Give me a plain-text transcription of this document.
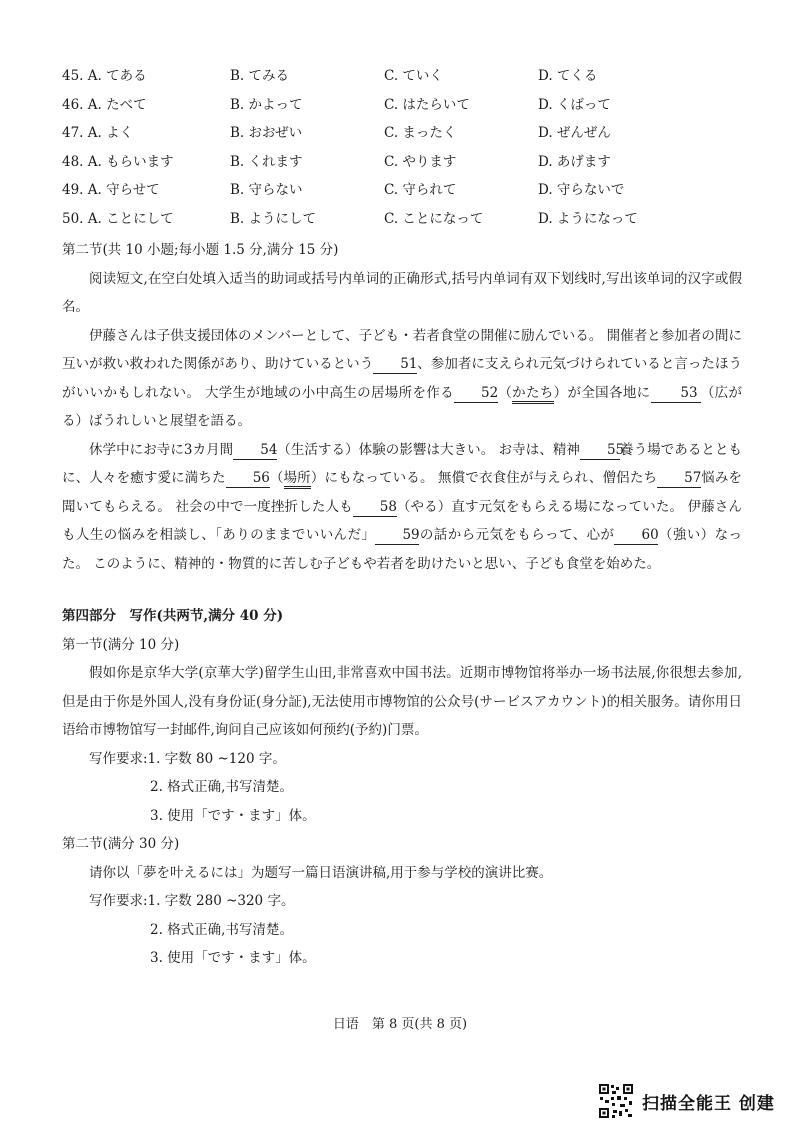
45. A. てある	B. てみる	C. ていく	D. てくる
46. A. たべて	B. かよって	C. はたらいて	D. くばって
47. A. よく	B. おおぜい	C. まったく	D. ぜんぜん
48. A. もらいます	B. くれます	C. やります	D. あげます
49. A. 守らせて	B. 守らない	C. 守られて	D. 守らないで
50. A. ことにして	B. ようにして	C. ことになって	D. ようになって

第二节(共 10 小题;每小题 1.5 分,满分 15 分)

阅读短文,在空白处填入适当的助词或括号内单词的正确形式,括号内单词有双下划线时,写出该单词的汉字或假名。

伊藤さんは子供支援団体のメンバーとして、子ども・若者食堂の開催に励んでいる。 開催者と参加者の間に互いが救い救われた関係があり、助けているという 51、参加者に支えられ元気づけられていると言ったほうがいいかもしれない。 大学生が地域の小中高生の居場所を作る 52（かたち）が全国各地に 53 （広がる）ばうれしいと展望を語る。

休学中にお寺に3カ月間 54（生活する）体験の影響は大きい。 お寺は、精神 55養う場であるとともに、人々を癒す愛に満ちた 56（場所）にもなっている。 無償で衣食住が与えられ、僧侶たち 57悩みを聞いてもらえる。 社会の中で一度挫折した人も 58（やる）直す元気をもらえる場になっていた。 伊藤さんも人生の悩みを相談し、「ありのままでいいんだ」 59の話から元気をもらって、心が 60（強い）なった。 このように、精神的・物質的に苦しむ子どもや若者を助けたいと思い、子ども食堂を始めた。

第四部分　写作(共两节,满分 40 分)

第一节(满分 10 分)

假如你是京华大学(京華大学)留学生山田,非常喜欢中国书法。近期市博物馆将举办一场书法展,你很想去参加,但是由于你是外国人,没有身份证(身分証),无法使用市博物馆的公众号(サービスアカウント)的相关服务。请你用日语给市博物馆写一封邮件,询问自己应该如何预约(予約)门票。

写作要求:1. 字数 80 ~120 字。

2. 格式正确,书写清楚。

3. 使用「です・ます」体。

第二节(满分 30 分)

请你以「夢を叶えるには」为题写一篇日语演讲稿,用于参与学校的演讲比赛。

写作要求:1. 字数 280 ~320 字。

2. 格式正确,书写清楚。

3. 使用「です・ます」体。

日语　第 8 页(共 8 页)
扫描全能王 创建
